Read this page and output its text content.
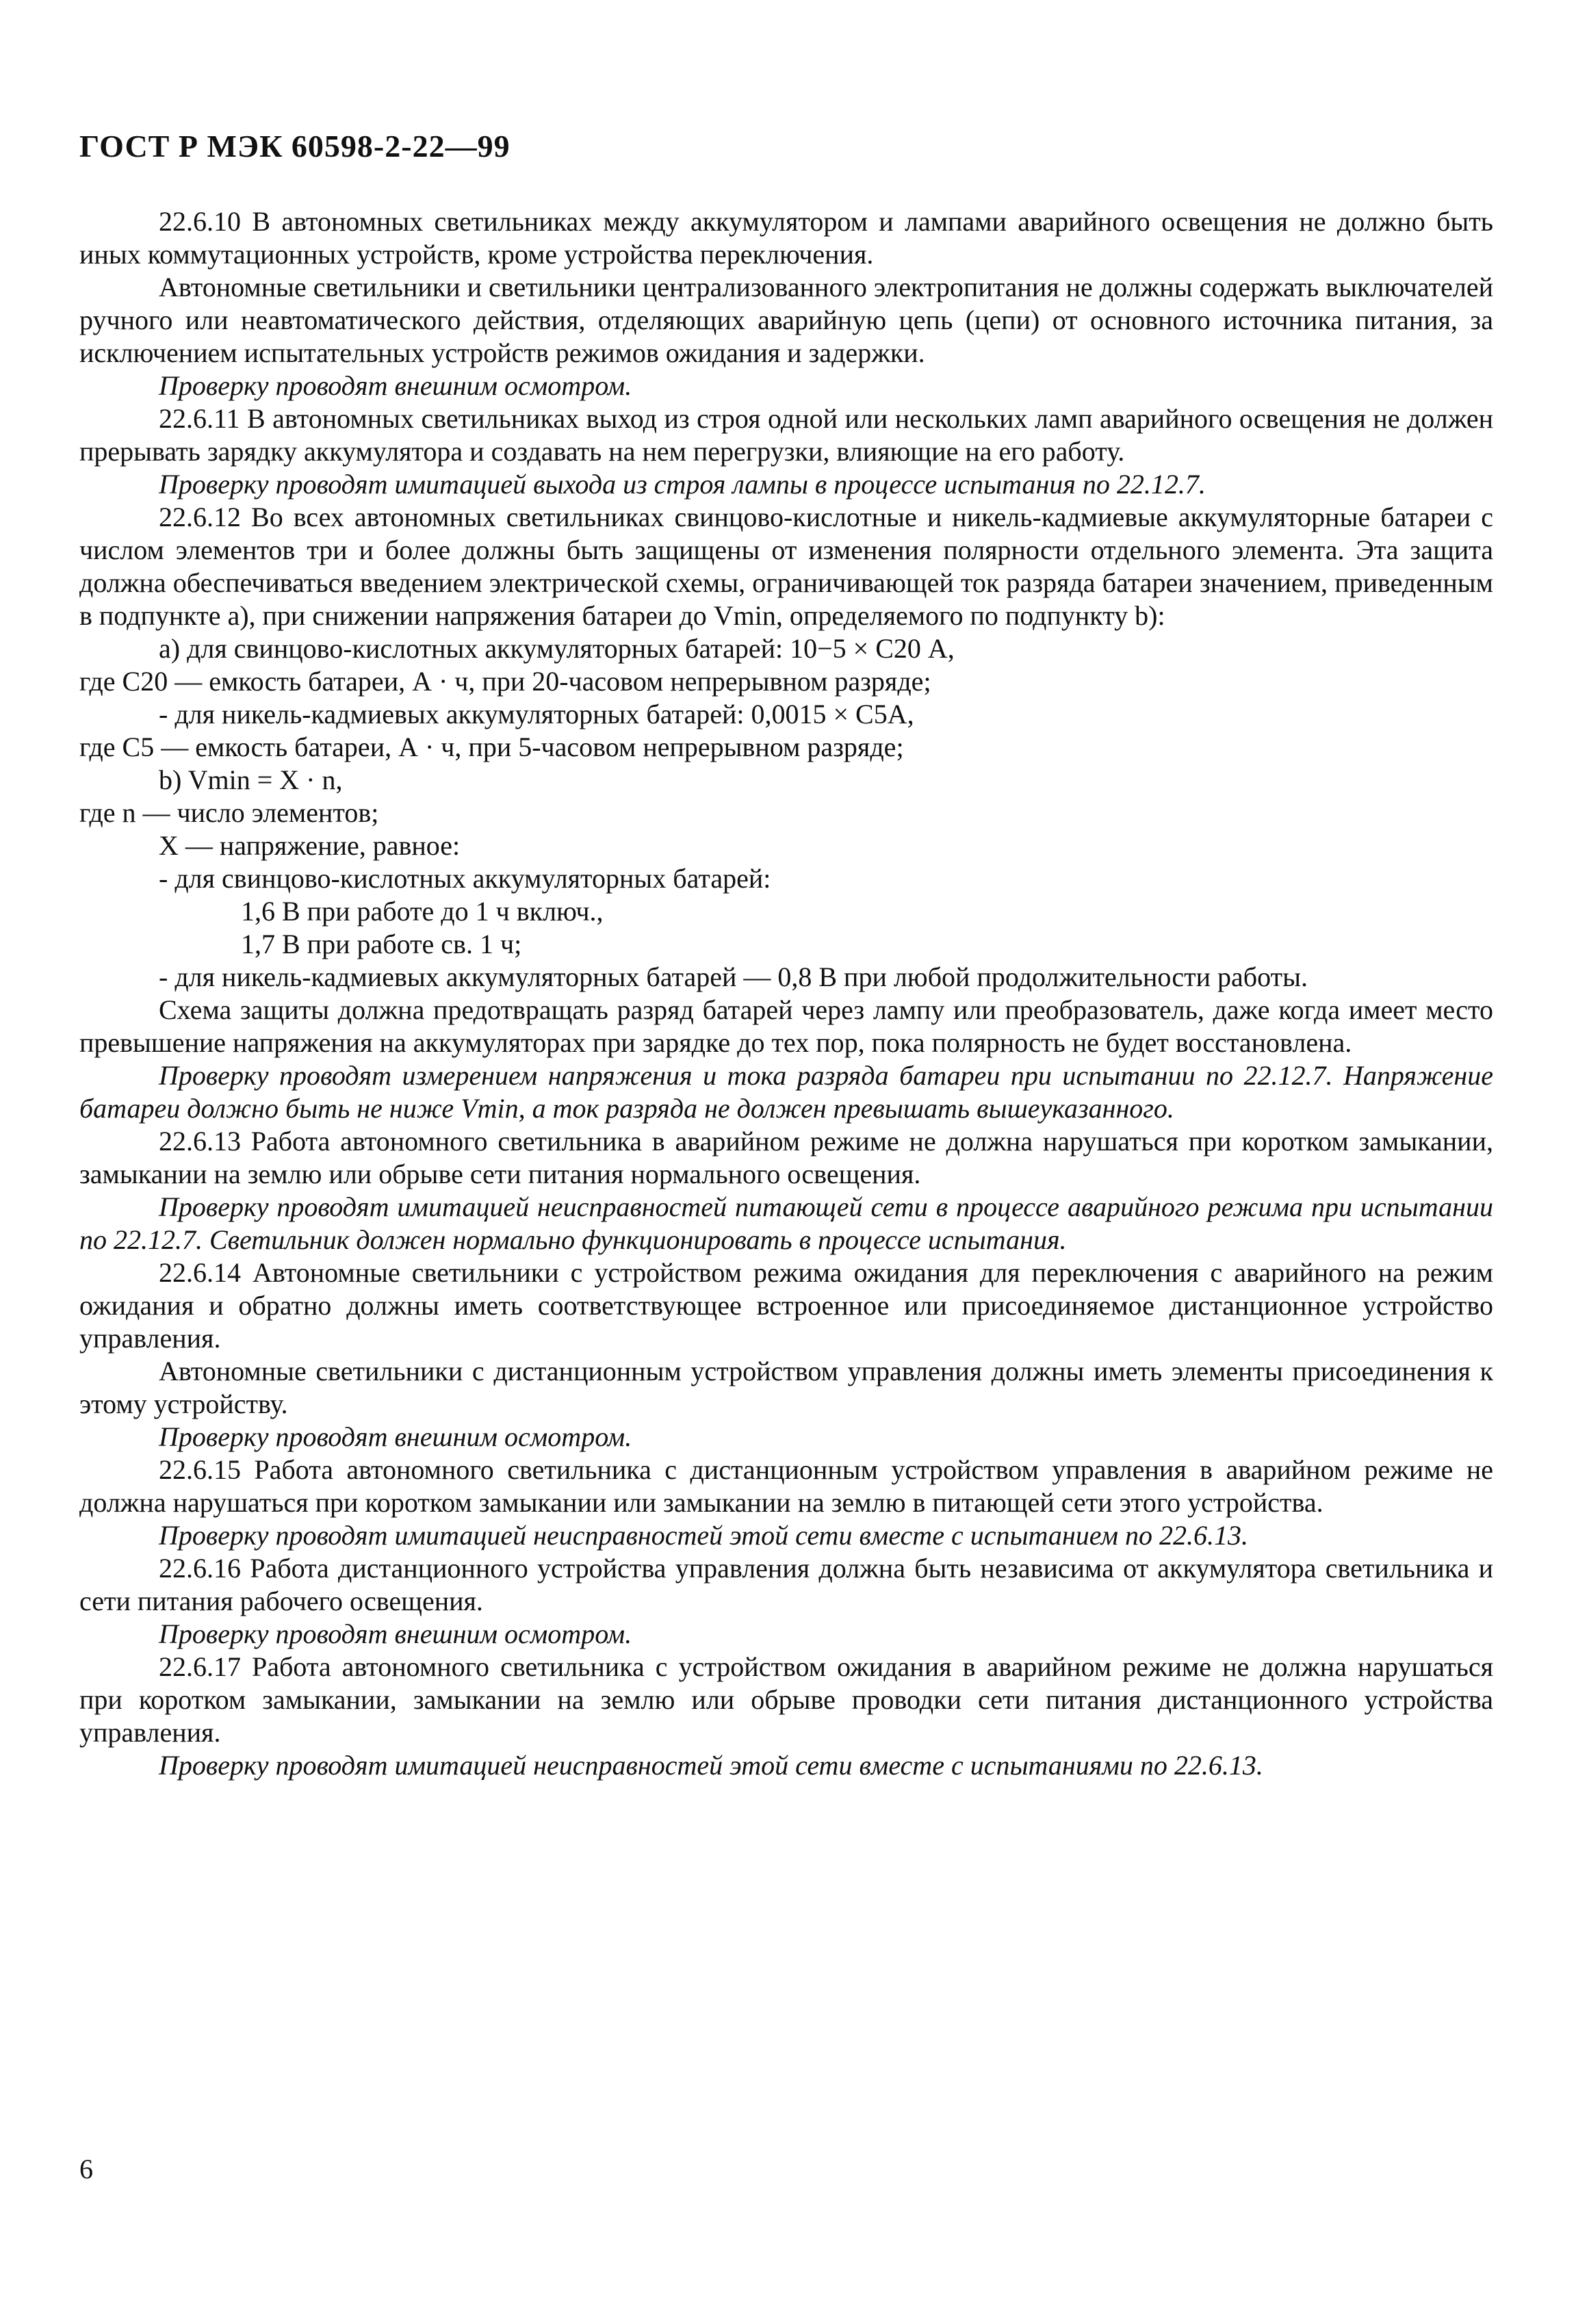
ГОСТ Р МЭК 60598-2-22—99

22.6.10 В автономных светильниках между аккумулятором и лампами аварийного освещения не должно быть иных коммутационных устройств, кроме устройства переключения.

Автономные светильники и светильники централизованного электропитания не должны содержать выключателей ручного или неавтоматического действия, отделяющих аварийную цепь (цепи) от основного источника питания, за исключением испытательных устройств режимов ожидания и задержки.

Проверку проводят внешним осмотром.

22.6.11 В автономных светильниках выход из строя одной или нескольких ламп аварийного освещения не должен прерывать зарядку аккумулятора и создавать на нем перегрузки, влияющие на его работу.

Проверку проводят имитацией выхода из строя лампы в процессе испытания по 22.12.7.

22.6.12 Во всех автономных светильниках свинцово-кислотные и никель-кадмиевые аккумуляторные батареи с числом элементов три и более должны быть защищены от изменения полярности отдельного элемента. Эта защита должна обеспечиваться введением электрической схемы, ограничивающей ток разряда батареи значением, приведенным в подпункте а), при снижении напряжения батареи до Vmin, определяемого по подпункту b):

а) для свинцово-кислотных аккумуляторных батарей: 10−5 × C20 А,

где C20 — емкость батареи, А · ч, при 20-часовом непрерывном разряде;

- для никель-кадмиевых аккумуляторных батарей: 0,0015 × C5А,

где C5 — емкость батареи, А · ч, при 5-часовом непрерывном разряде;

b) Vmin = X · n,

где n — число элементов;

X — напряжение, равное:

- для свинцово-кислотных аккумуляторных батарей:

1,6 В при работе до 1 ч включ.,

1,7 В при работе св. 1 ч;

- для никель-кадмиевых аккумуляторных батарей — 0,8 В при любой продолжительности работы.

Схема защиты должна предотвращать разряд батарей через лампу или преобразователь, даже когда имеет место превышение напряжения на аккумуляторах при зарядке до тех пор, пока полярность не будет восстановлена.

Проверку проводят измерением напряжения и тока разряда батареи при испытании по 22.12.7. Напряжение батареи должно быть не ниже Vmin, а ток разряда не должен превышать вышеуказанного.

22.6.13 Работа автономного светильника в аварийном режиме не должна нарушаться при коротком замыкании, замыкании на землю или обрыве сети питания нормального освещения.

Проверку проводят имитацией неисправностей питающей сети в процессе аварийного режима при испытании по 22.12.7. Светильник должен нормально функционировать в процессе испытания.

22.6.14 Автономные светильники с устройством режима ожидания для переключения с аварийного на режим ожидания и обратно должны иметь соответствующее встроенное или присоединяемое дистанционное устройство управления.

Автономные светильники с дистанционным устройством управления должны иметь элементы присоединения к этому устройству.

Проверку проводят внешним осмотром.

22.6.15 Работа автономного светильника с дистанционным устройством управления в аварийном режиме не должна нарушаться при коротком замыкании или замыкании на землю в питающей сети этого устройства.

Проверку проводят имитацией неисправностей этой сети вместе с испытанием по 22.6.13.

22.6.16 Работа дистанционного устройства управления должна быть независима от аккумулятора светильника и сети питания рабочего освещения.

Проверку проводят внешним осмотром.

22.6.17 Работа автономного светильника с устройством ожидания в аварийном режиме не должна нарушаться при коротком замыкании, замыкании на землю или обрыве проводки сети питания дистанционного устройства управления.

Проверку проводят имитацией неисправностей этой сети вместе с испытаниями по 22.6.13.

6
